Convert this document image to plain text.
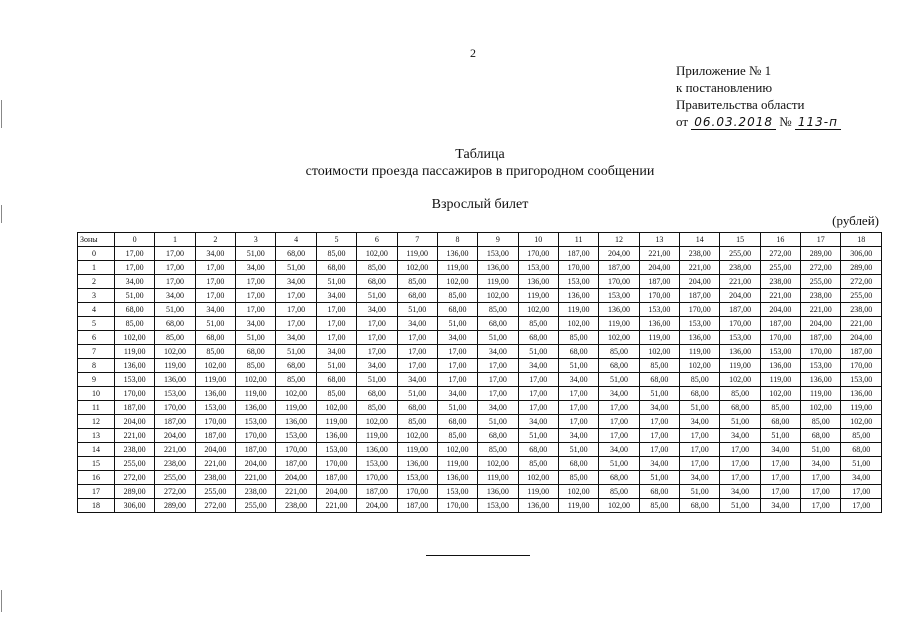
2
Приложение № 1
к постановлению
Правительства области
от 06.03.2018 № 113-п
Таблица
стоимости проезда пассажиров в пригородном сообщении
Взрослый билет
(рублей)
Зоны	0	1	2	3	4	5	6	7	8	9	10	11	12	13	14	15	16	17	18
0	17,00	17,00	34,00	51,00	68,00	85,00	102,00	119,00	136,00	153,00	170,00	187,00	204,00	221,00	238,00	255,00	272,00	289,00	306,00
1	17,00	17,00	17,00	34,00	51,00	68,00	85,00	102,00	119,00	136,00	153,00	170,00	187,00	204,00	221,00	238,00	255,00	272,00	289,00
2	34,00	17,00	17,00	17,00	34,00	51,00	68,00	85,00	102,00	119,00	136,00	153,00	170,00	187,00	204,00	221,00	238,00	255,00	272,00
3	51,00	34,00	17,00	17,00	17,00	34,00	51,00	68,00	85,00	102,00	119,00	136,00	153,00	170,00	187,00	204,00	221,00	238,00	255,00
4	68,00	51,00	34,00	17,00	17,00	17,00	34,00	51,00	68,00	85,00	102,00	119,00	136,00	153,00	170,00	187,00	204,00	221,00	238,00
5	85,00	68,00	51,00	34,00	17,00	17,00	17,00	34,00	51,00	68,00	85,00	102,00	119,00	136,00	153,00	170,00	187,00	204,00	221,00
6	102,00	85,00	68,00	51,00	34,00	17,00	17,00	17,00	34,00	51,00	68,00	85,00	102,00	119,00	136,00	153,00	170,00	187,00	204,00
7	119,00	102,00	85,00	68,00	51,00	34,00	17,00	17,00	17,00	34,00	51,00	68,00	85,00	102,00	119,00	136,00	153,00	170,00	187,00
8	136,00	119,00	102,00	85,00	68,00	51,00	34,00	17,00	17,00	17,00	34,00	51,00	68,00	85,00	102,00	119,00	136,00	153,00	170,00
9	153,00	136,00	119,00	102,00	85,00	68,00	51,00	34,00	17,00	17,00	17,00	34,00	51,00	68,00	85,00	102,00	119,00	136,00	153,00
10	170,00	153,00	136,00	119,00	102,00	85,00	68,00	51,00	34,00	17,00	17,00	17,00	34,00	51,00	68,00	85,00	102,00	119,00	136,00
11	187,00	170,00	153,00	136,00	119,00	102,00	85,00	68,00	51,00	34,00	17,00	17,00	17,00	34,00	51,00	68,00	85,00	102,00	119,00
12	204,00	187,00	170,00	153,00	136,00	119,00	102,00	85,00	68,00	51,00	34,00	17,00	17,00	17,00	34,00	51,00	68,00	85,00	102,00
13	221,00	204,00	187,00	170,00	153,00	136,00	119,00	102,00	85,00	68,00	51,00	34,00	17,00	17,00	17,00	34,00	51,00	68,00	85,00
14	238,00	221,00	204,00	187,00	170,00	153,00	136,00	119,00	102,00	85,00	68,00	51,00	34,00	17,00	17,00	17,00	34,00	51,00	68,00
15	255,00	238,00	221,00	204,00	187,00	170,00	153,00	136,00	119,00	102,00	85,00	68,00	51,00	34,00	17,00	17,00	17,00	34,00	51,00
16	272,00	255,00	238,00	221,00	204,00	187,00	170,00	153,00	136,00	119,00	102,00	85,00	68,00	51,00	34,00	17,00	17,00	17,00	34,00
17	289,00	272,00	255,00	238,00	221,00	204,00	187,00	170,00	153,00	136,00	119,00	102,00	85,00	68,00	51,00	34,00	17,00	17,00	17,00
18	306,00	289,00	272,00	255,00	238,00	221,00	204,00	187,00	170,00	153,00	136,00	119,00	102,00	85,00	68,00	51,00	34,00	17,00	17,00
